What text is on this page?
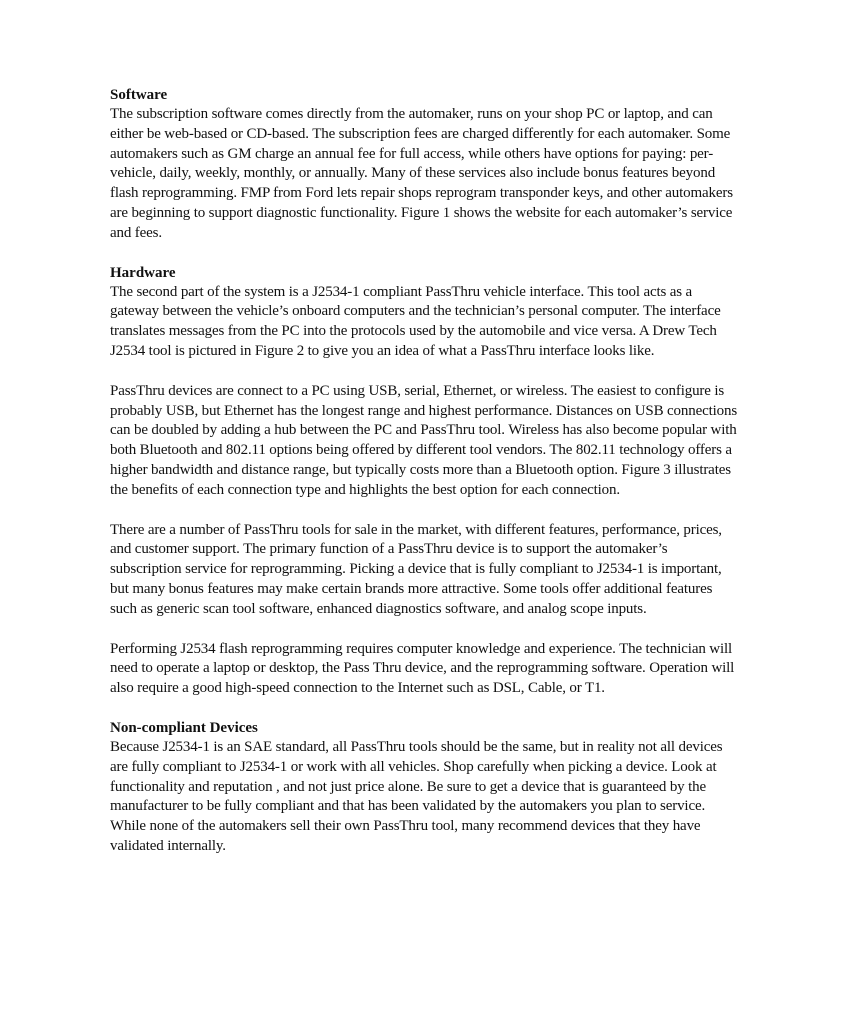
Software

The subscription software comes directly from the automaker, runs on your shop PC or laptop, and can either be web-based or CD-based. The subscription fees are charged differently for each automaker. Some automakers such as GM charge an annual fee for full access, while others have options for paying: per-vehicle, daily, weekly, monthly, or annually. Many of these services also include bonus features beyond flash reprogramming. FMP from Ford lets repair shops reprogram transponder keys, and other automakers are beginning to support diagnostic functionality. Figure 1 shows the website for each automaker’s service and fees.

Hardware

The second part of the system is a J2534-1 compliant PassThru vehicle interface. This tool acts as a gateway between the vehicle’s onboard computers and the technician’s personal computer. The interface translates messages from the PC into the protocols used by the automobile and vice versa. A Drew Tech J2534 tool is pictured in Figure 2 to give you an idea of what a PassThru interface looks like.

PassThru devices are connect to a PC using USB, serial, Ethernet, or wireless. The easiest to configure is probably USB, but Ethernet has the longest range and highest performance. Distances on USB connections can be doubled by adding a hub between the PC and PassThru tool. Wireless has also become popular with both Bluetooth and 802.11 options being offered by different tool vendors. The 802.11 technology offers a higher bandwidth and distance range, but typically costs more than a Bluetooth option. Figure 3 illustrates the benefits of each connection type and highlights the best option for each connection.

There are a number of PassThru tools for sale in the market, with different features, performance, prices, and customer support. The primary function of a PassThru device is to support the automaker’s subscription service for reprogramming. Picking a device that is fully compliant to J2534-1 is important, but many bonus features may make certain brands more attractive. Some tools offer additional features such as generic scan tool software, enhanced diagnostics software, and analog scope inputs.

Performing J2534 flash reprogramming requires computer knowledge and experience. The technician will need to operate a laptop or desktop, the Pass Thru device, and the reprogramming software. Operation will also require a good high-speed connection to the Internet such as DSL, Cable, or T1.

Non-compliant Devices

Because J2534-1 is an SAE standard, all PassThru tools should be the same, but in reality not all devices are fully compliant to J2534-1 or work with all vehicles. Shop carefully when picking a device. Look at functionality and reputation , and not just price alone. Be sure to get a device that is guaranteed by the manufacturer to be fully compliant and that has been validated by the automakers you plan to service. While none of the automakers sell their own PassThru tool, many recommend devices that they have validated internally.
